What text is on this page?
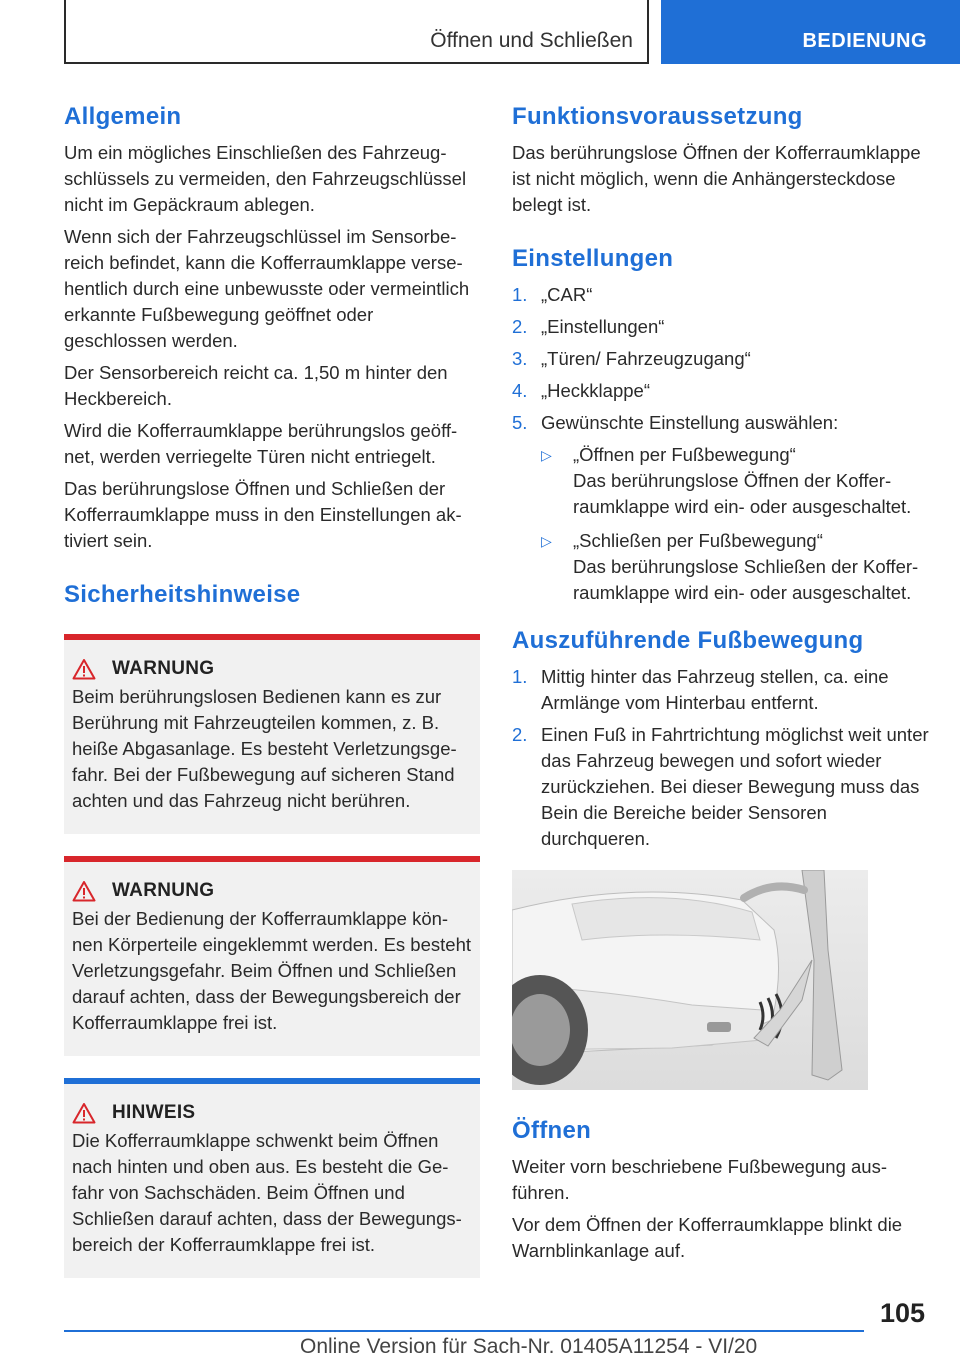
Öffnen und Schließen	BEDIENUNG
Allgemein

Um ein mögliches Einschließen des Fahrzeugschlüssels zu vermeiden, den Fahrzeugschlüssel nicht im Gepäckraum ablegen.

Wenn sich der Fahrzeugschlüssel im Sensorbereich befindet, kann die Kofferraumklappe versehentlich durch eine unbewusste oder vermeintlich erkannte Fußbewegung geöffnet oder geschlossen werden.

Der Sensorbereich reicht ca. 1,50 m hinter den Heckbereich.

Wird die Kofferraumklappe berührungslos geöffnet, werden verriegelte Türen nicht entriegelt.

Das berührungslose Öffnen und Schließen der Kofferraumklappe muss in den Einstellungen aktiviert sein.

Sicherheitshinweise
WARNUNG

Beim berührungslosen Bedienen kann es zur Berührung mit Fahrzeugteilen kommen, z. B. heiße Abgasanlage. Es besteht Verletzungsgefahr. Bei der Fußbewegung auf sicheren Stand achten und das Fahrzeug nicht berühren.

WARNUNG

Bei der Bedienung der Kofferraumklappe können Körperteile eingeklemmt werden. Es besteht Verletzungsgefahr. Beim Öffnen und Schließen darauf achten, dass der Bewegungsbereich der Kofferraumklappe frei ist.

HINWEIS

Die Kofferraumklappe schwenkt beim Öffnen nach hinten und oben aus. Es besteht die Gefahr von Sachschäden. Beim Öffnen und Schließen darauf achten, dass der Bewegungsbereich der Kofferraumklappe frei ist.

Funktionsvoraussetzung

Das berührungslose Öffnen der Kofferraumklappe ist nicht möglich, wenn die Anhängersteckdose belegt ist.

Einstellungen
1. „CAR“
2. „Einstellungen“
3. „Türen/ Fahrzeugzugang“
4. „Heckklappe“
5. Gewünschte Einstellung auswählen:
▷	„Öffnen per Fußbewegung“
Das berührungslose Öffnen der Kofferraumklappe wird ein- oder ausgeschaltet.
▷	„Schließen per Fußbewegung“
Das berührungslose Schließen der Kofferraumklappe wird ein- oder ausgeschaltet.
Auszuführende Fußbewegung
1. Mittig hinter das Fahrzeug stellen, ca. eine Armlänge vom Hinterbau entfernt.
2. Einen Fuß in Fahrtrichtung möglichst weit unter das Fahrzeug bewegen und sofort wieder zurückziehen. Bei dieser Bewegung muss das Bein die Bereiche beider Sensoren durchqueren.
Öffnen

Weiter vorn beschriebene Fußbewegung ausführen.

Vor dem Öffnen der Kofferraumklappe blinkt die Warnblinkanlage auf.

105
Online Version für Sach-Nr. 01405A11254 - VI/20
